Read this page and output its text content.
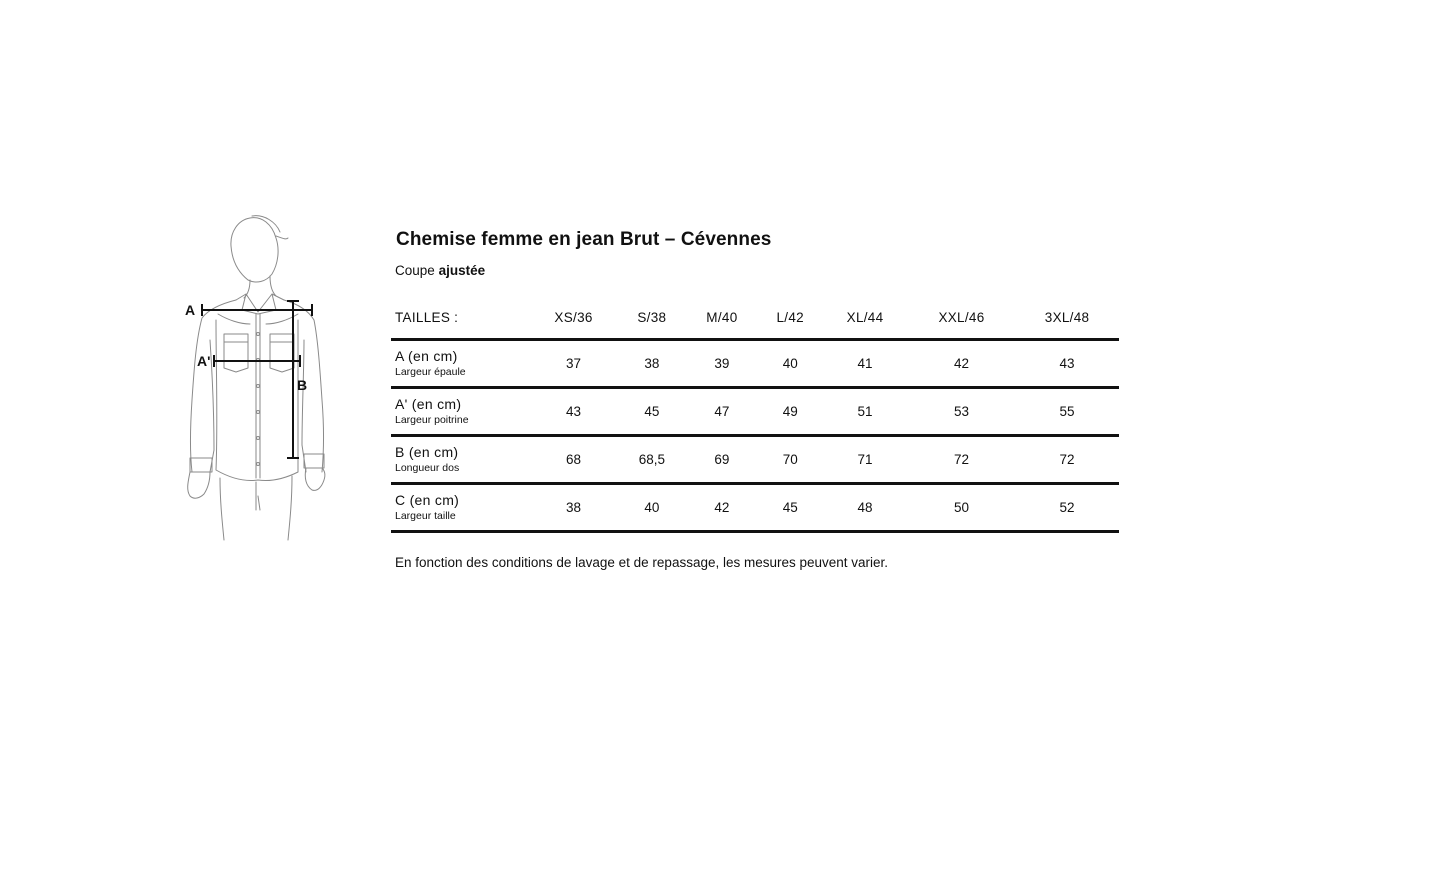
A
A'
B
Chemise femme en jean Brut – Cévennes
Coupe ajustée
TAILLES :	XS/36	S/38	M/40	L/42	XL/44	XXL/46	3XL/48

A (en cm)
Largeur épaule	37	38	39	40	41	42	43

A' (en cm)
Largeur poitrine	43	45	47	49	51	53	55

B (en cm)
Longueur dos	68	68,5	69	70	71	72	72

C (en cm)
Largeur taille	38	40	42	45	48	50	52
En fonction des conditions de lavage et de repassage, les mesures peuvent varier.
